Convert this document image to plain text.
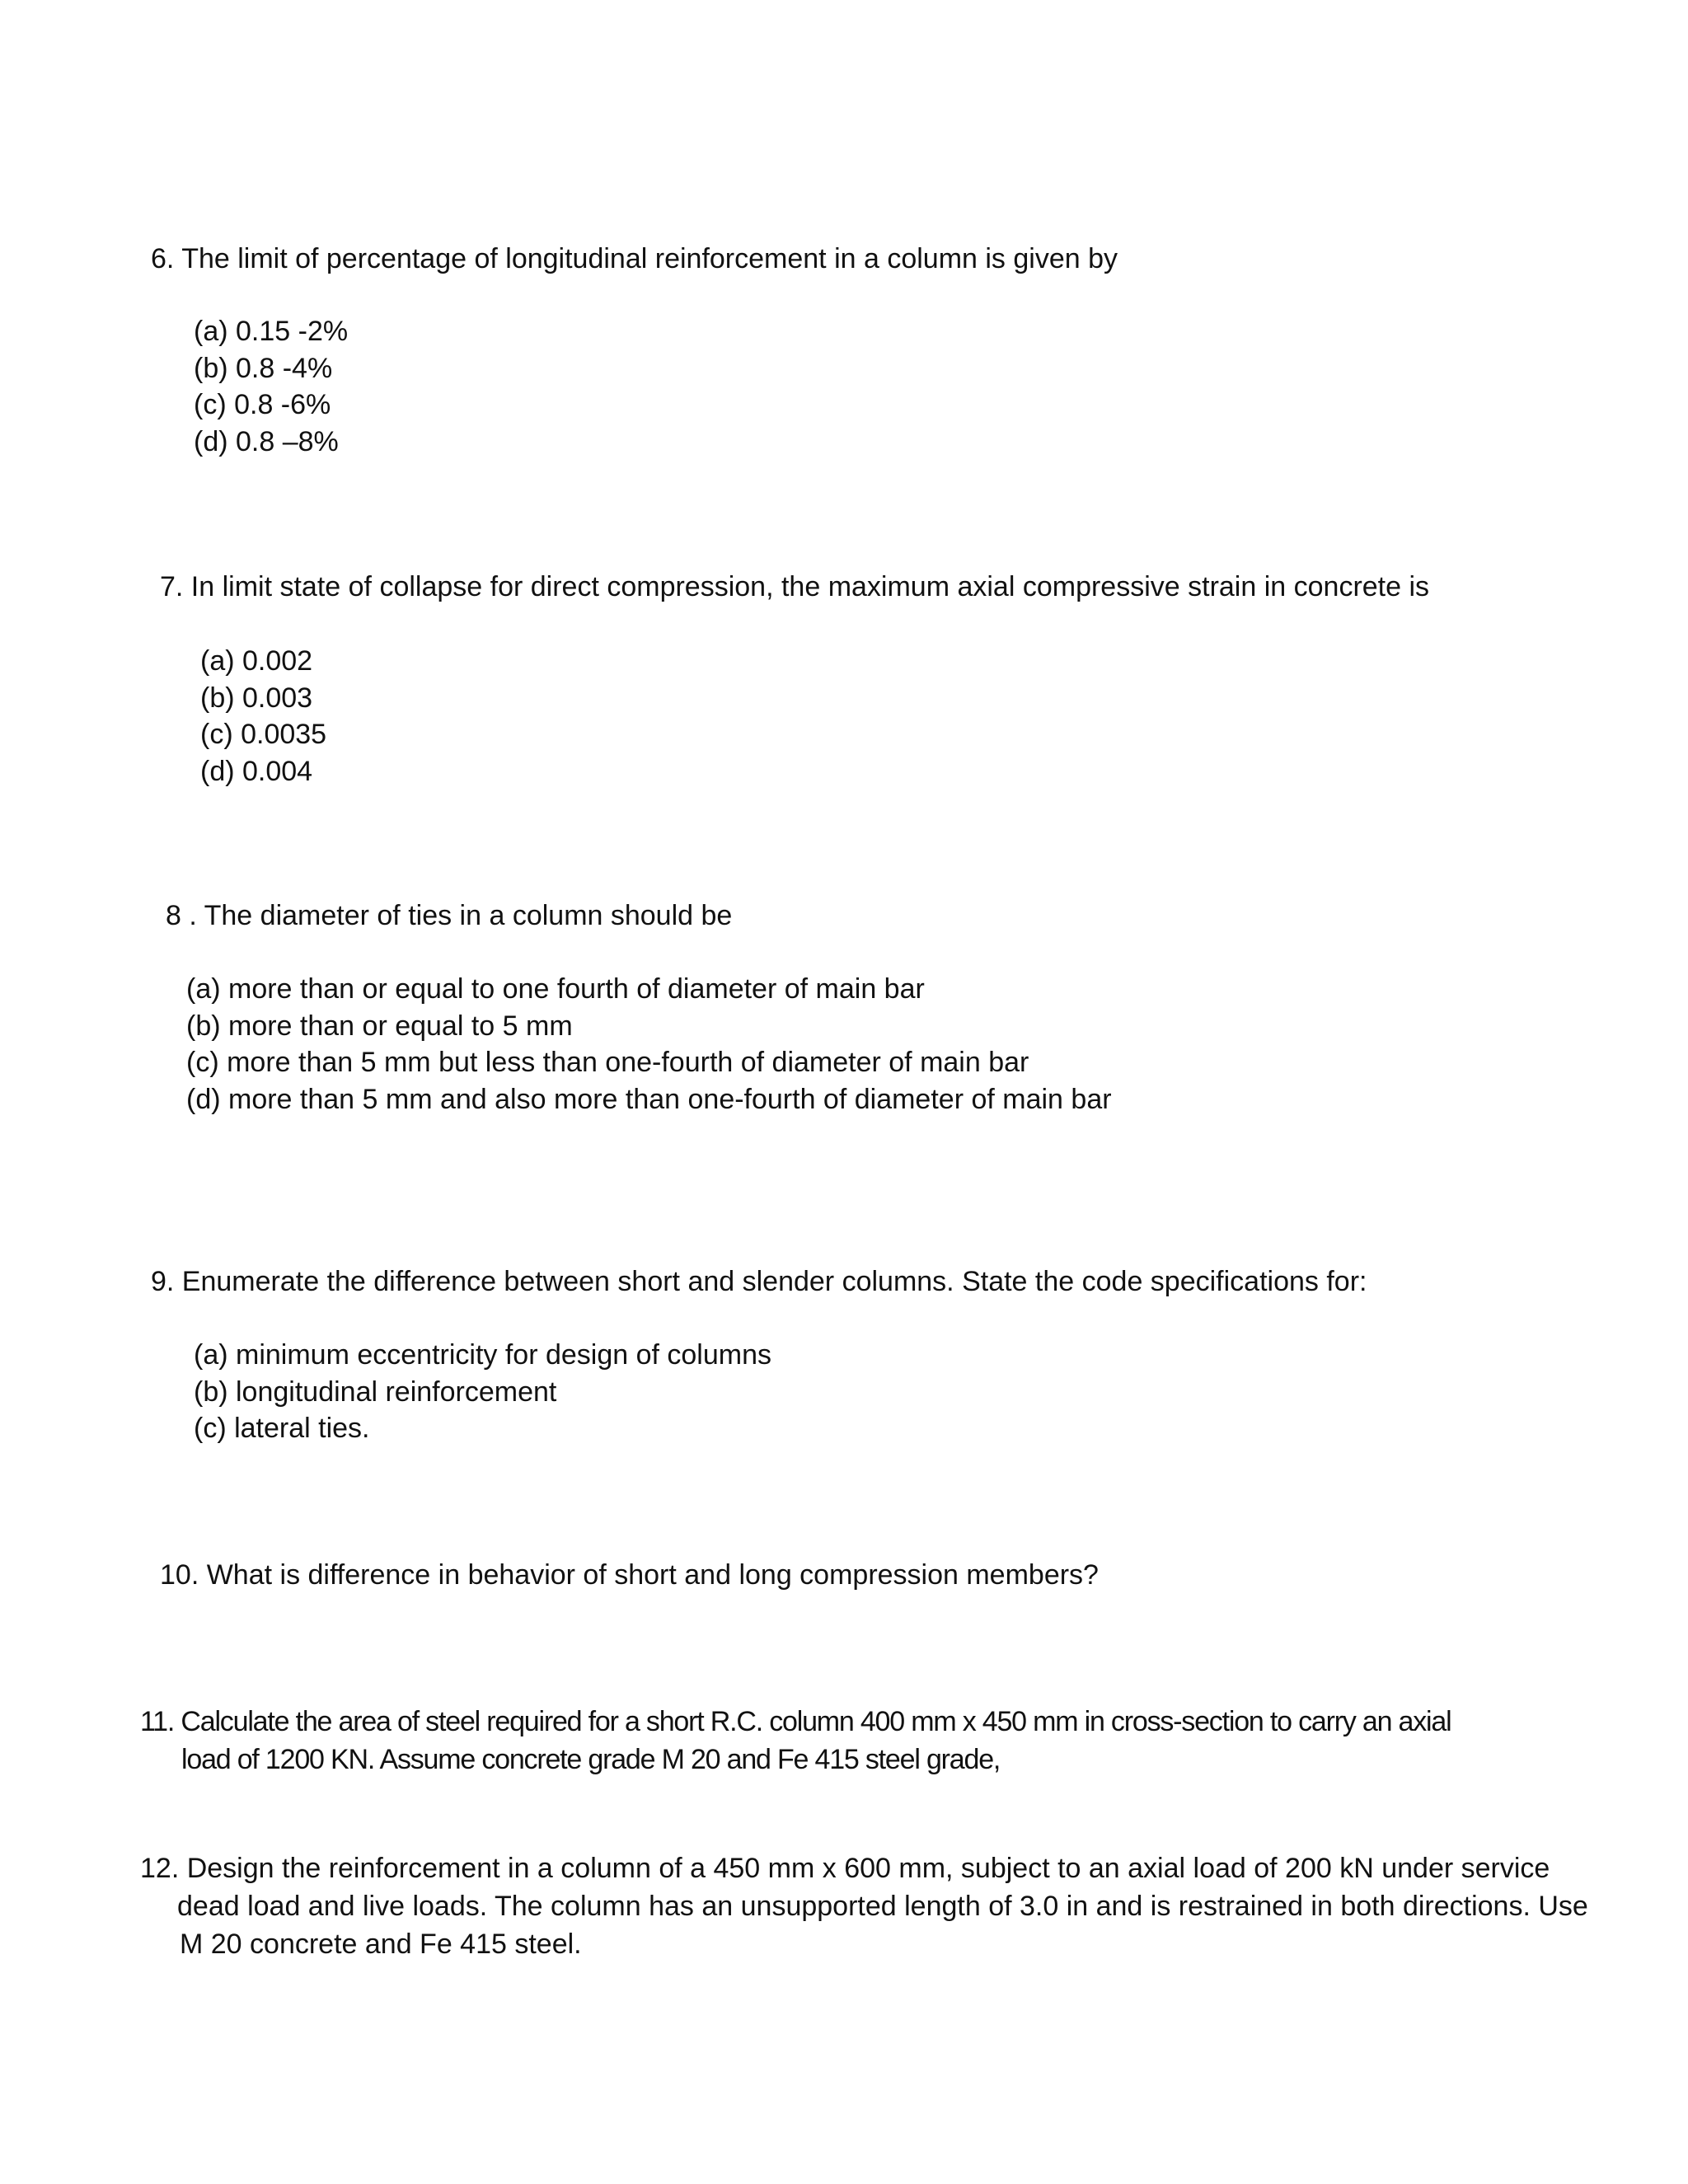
6. The limit of percentage of longitudinal reinforcement in a column is given by
(a) 0.15 -2%
(b) 0.8 -4%
(c) 0.8 -6%
(d) 0.8 –8%
7. In limit state of collapse for direct compression, the maximum axial compressive strain in concrete is
(a) 0.002
(b) 0.003
(c) 0.0035
(d) 0.004
8 . The diameter of ties in a column should be
(a) more than or equal to one fourth of diameter of main bar
(b) more than or equal to 5 mm
(c) more than 5 mm but less than one-fourth of diameter of main bar
(d) more than 5 mm and also more than one-fourth of diameter of main bar
9. Enumerate the difference between short and slender columns. State the code specifications for:
(a) minimum eccentricity for design of columns
(b) longitudinal reinforcement
(c) lateral ties.
10. What is difference in behavior of short and long compression members?
11. Calculate the area of steel required for a short R.C. column 400 mm x 450 mm in cross-section to carry an axial
load of 1200 KN. Assume concrete grade M 20 and Fe 415 steel grade,
12. Design the reinforcement in a column of a 450 mm x 600 mm, subject to an axial load of 200 kN under service
dead load and live loads. The column has an unsupported length of 3.0 in and is restrained in both directions. Use
M 20 concrete and Fe 415 steel.
